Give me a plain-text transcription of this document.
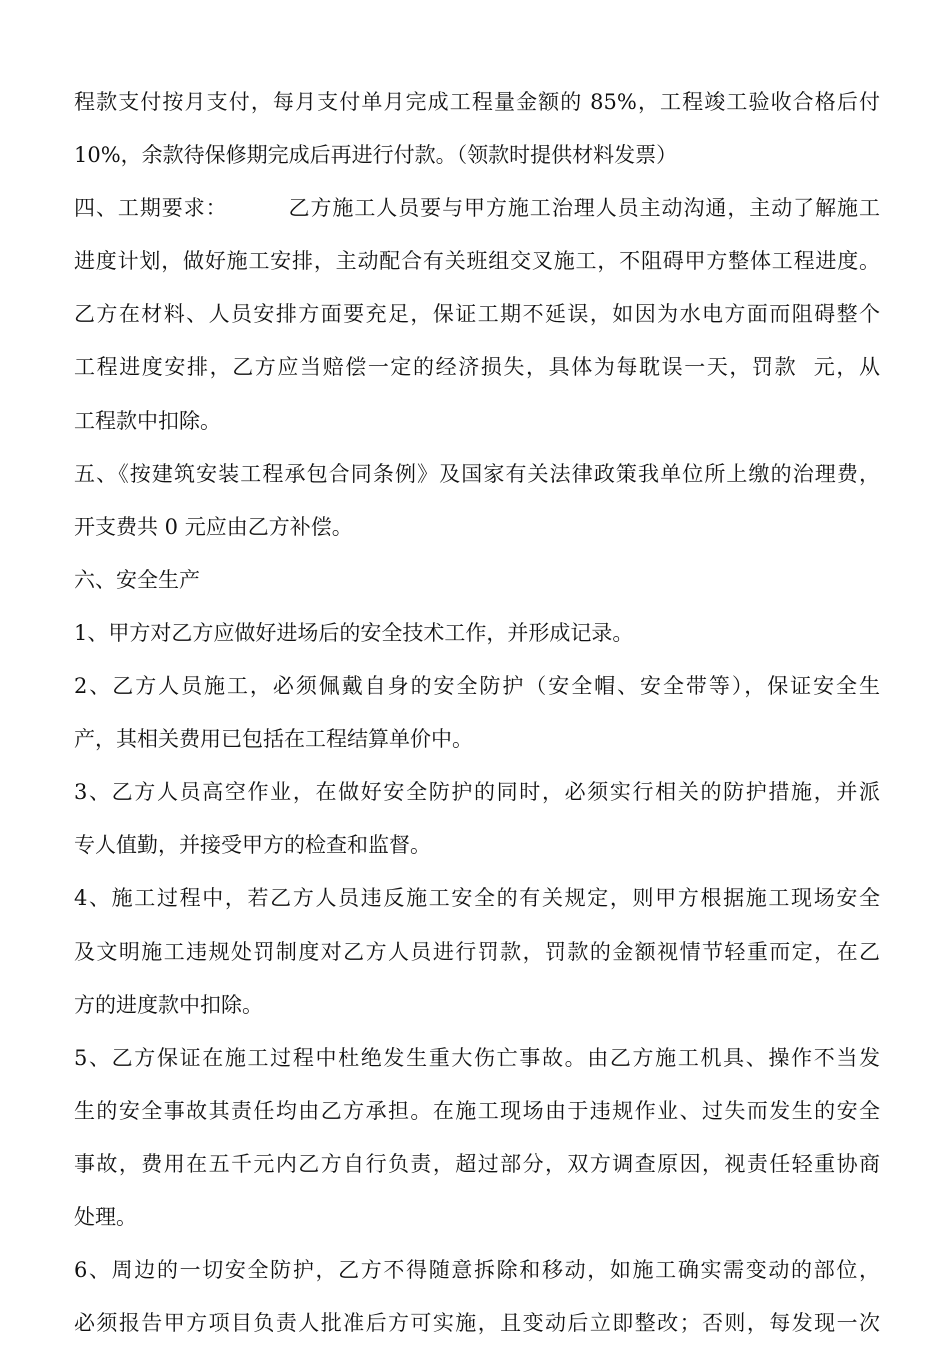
程款支付按月支付，每月支付单月完成工程量金额的 85%，工程竣工验收合格后付

10%，余款待保修期完成后再进行付款。（领款时提供材料发票）

四、工期要求：        乙方施工人员要与甲方施工治理人员主动沟通，主动了解施工

进度计划，做好施工安排，主动配合有关班组交叉施工，不阻碍甲方整体工程进度。

乙方在材料、人员安排方面要充足，保证工期不延误，如因为水电方面而阻碍整个

工程进度安排，乙方应当赔偿一定的经济损失，具体为每耽误一天，罚款  元，从

工程款中扣除。

五、《按建筑安装工程承包合同条例》及国家有关法律政策我单位所上缴的治理费，

开支费共 0 元应由乙方补偿。

六、安全生产

1、甲方对乙方应做好进场后的安全技术工作，并形成记录。

2、乙方人员施工，必须佩戴自身的安全防护（安全帽、安全带等），保证安全生

产，其相关费用已包括在工程结算单价中。

3、乙方人员高空作业，在做好安全防护的同时，必须实行相关的防护措施，并派

专人值勤，并接受甲方的检查和监督。

4、施工过程中，若乙方人员违反施工安全的有关规定，则甲方根据施工现场安全

及文明施工违规处罚制度对乙方人员进行罚款，罚款的金额视情节轻重而定，在乙

方的进度款中扣除。

5、乙方保证在施工过程中杜绝发生重大伤亡事故。由乙方施工机具、操作不当发

生的安全事故其责任均由乙方承担。在施工现场由于违规作业、过失而发生的安全

事故，费用在五千元内乙方自行负责，超过部分，双方调查原因，视责任轻重协商

处理。

6、周边的一切安全防护，乙方不得随意拆除和移动，如施工确实需变动的部位，

必须报告甲方项目负责人批准后方可实施，且变动后立即整改；否则，每发现一次
